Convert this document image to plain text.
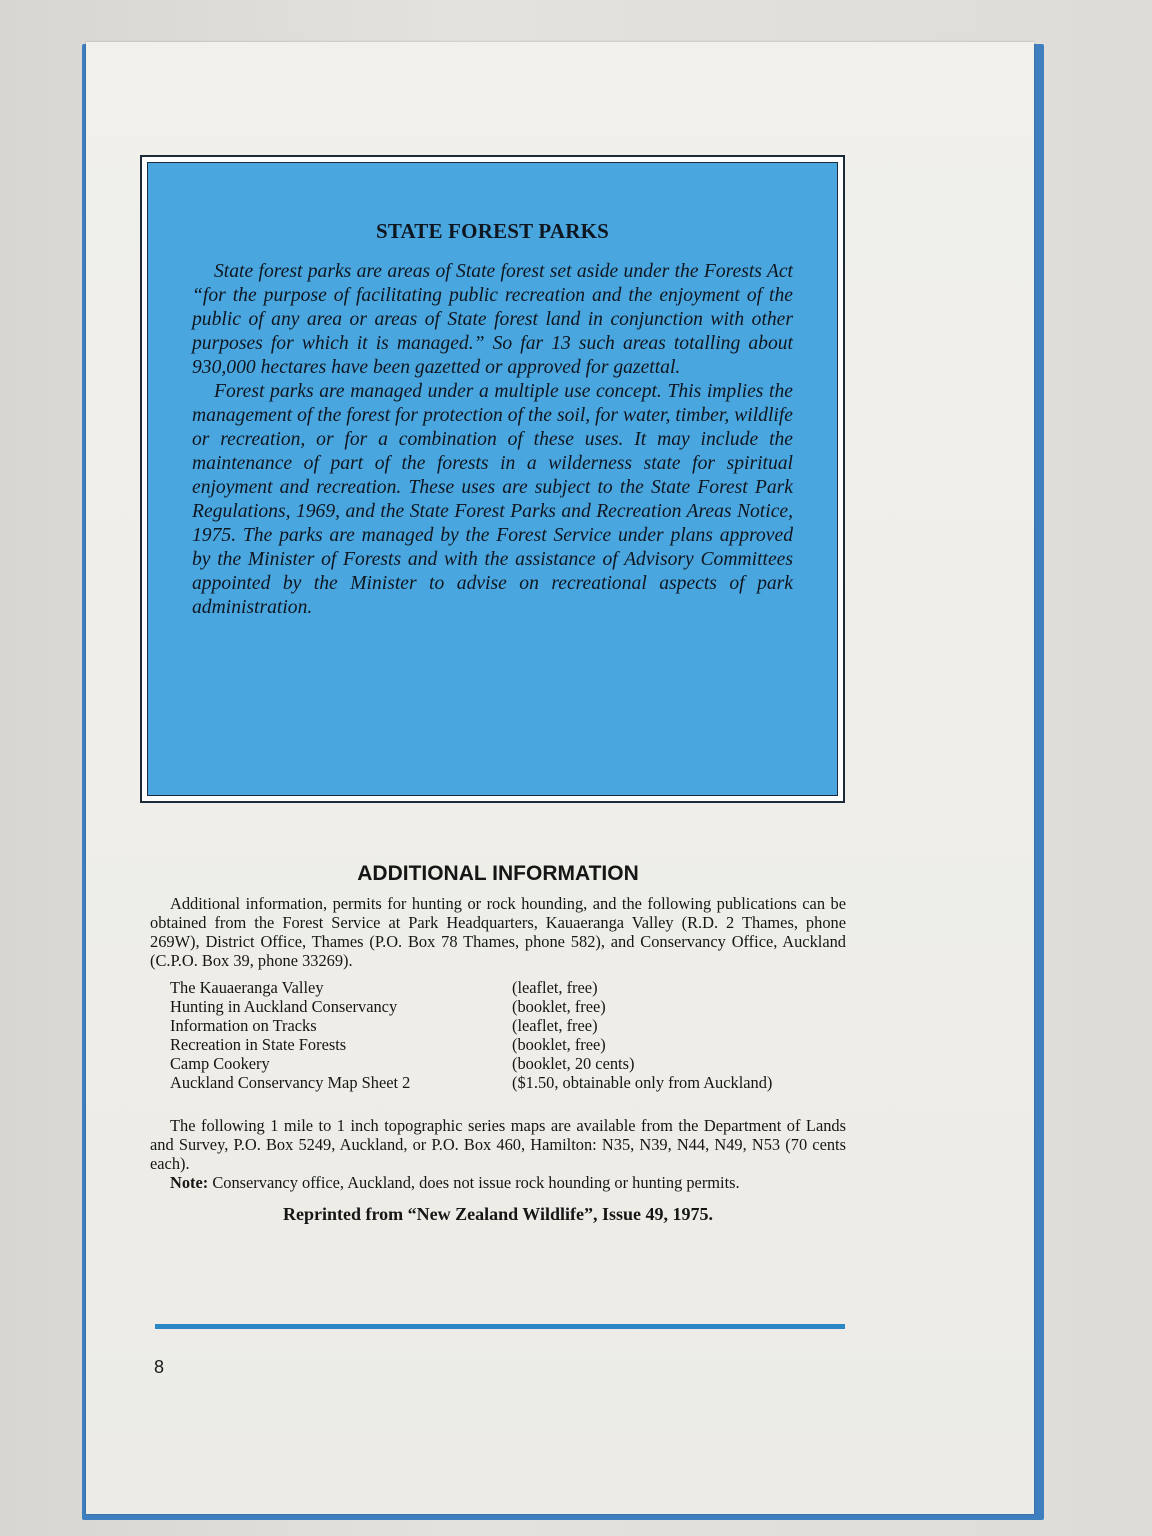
STATE FOREST PARKS

State forest parks are areas of State forest set aside under the Forests Act “for the purpose of facilitating public recreation and the enjoyment of the public of any area or areas of State forest land in conjunction with other purposes for which it is managed.” So far 13 such areas totalling about 930,000 hectares have been gazetted or approved for gazettal.

Forest parks are managed under a multiple use concept. This implies the management of the forest for protection of the soil, for water, timber, wildlife or recreation, or for a combination of these uses. It may include the maintenance of part of the forests in a wilderness state for spiritual enjoyment and recreation. These uses are subject to the State Forest Park Regulations, 1969, and the State Forest Parks and Recreation Areas Notice, 1975. The parks are managed by the Forest Service under plans approved by the Minister of Forests and with the assistance of Advisory Committees appointed by the Minister to advise on recreational aspects of park administration.

ADDITIONAL INFORMATION

Additional information, permits for hunting or rock hounding, and the following publications can be obtained from the Forest Service at Park Headquarters, Kauaeranga Valley (R.D. 2 Thames, phone 269W), District Office, Thames (P.O. Box 78 Thames, phone 582), and Conservancy Office, Auckland (C.P.O. Box 39, phone 33269).

The Kauaeranga Valley	(leaflet, free)
Hunting in Auckland Conservancy	(booklet, free)
Information on Tracks	(leaflet, free)
Recreation in State Forests	(booklet, free)
Camp Cookery	(booklet, 20 cents)
Auckland Conservancy Map Sheet 2	($1.50, obtainable only from Auckland)

The following 1 mile to 1 inch topographic series maps are available from the Department of Lands and Survey, P.O. Box 5249, Auckland, or P.O. Box 460, Hamilton: N35, N39, N44, N49, N53 (70 cents each).

Note: Conservancy office, Auckland, does not issue rock hounding or hunting permits.

Reprinted from “New Zealand Wildlife”, Issue 49, 1975.

8
